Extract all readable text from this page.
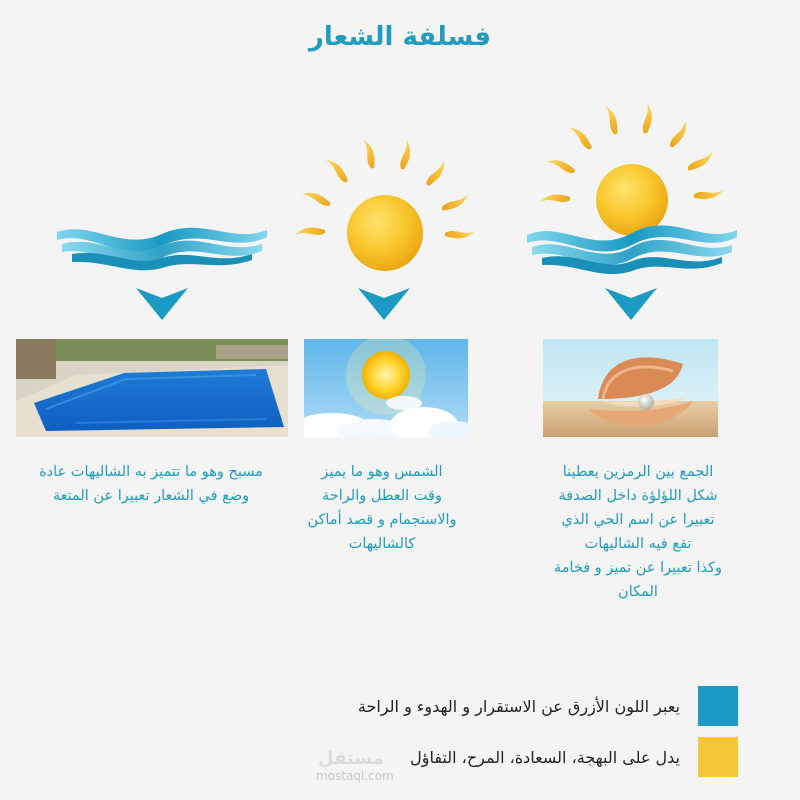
فسلفة الشعار
الجمع بين الرمزين يعطينا
شكل اللؤلؤة داخل الصدفة
تعبيرا عن اسم الحي الذي
تقع فيه الشاليهات
وكذا تعبيرا عن تميز و فخامة
المكان
الشمس وهو ما يميز
وقت العطل والراحة
والاستجمام و قصد أماكن
كالشاليهات
مسبح وهو ما تتميز به الشاليهات عادة
وضع في الشعار تعبيرا عن المتعة
يعبر اللون الأزرق عن الاستقرار و الهدوء و الراحة
يدل على البهجة، السعادة، المرح، التفاؤل
مستقل
mostaql.com
